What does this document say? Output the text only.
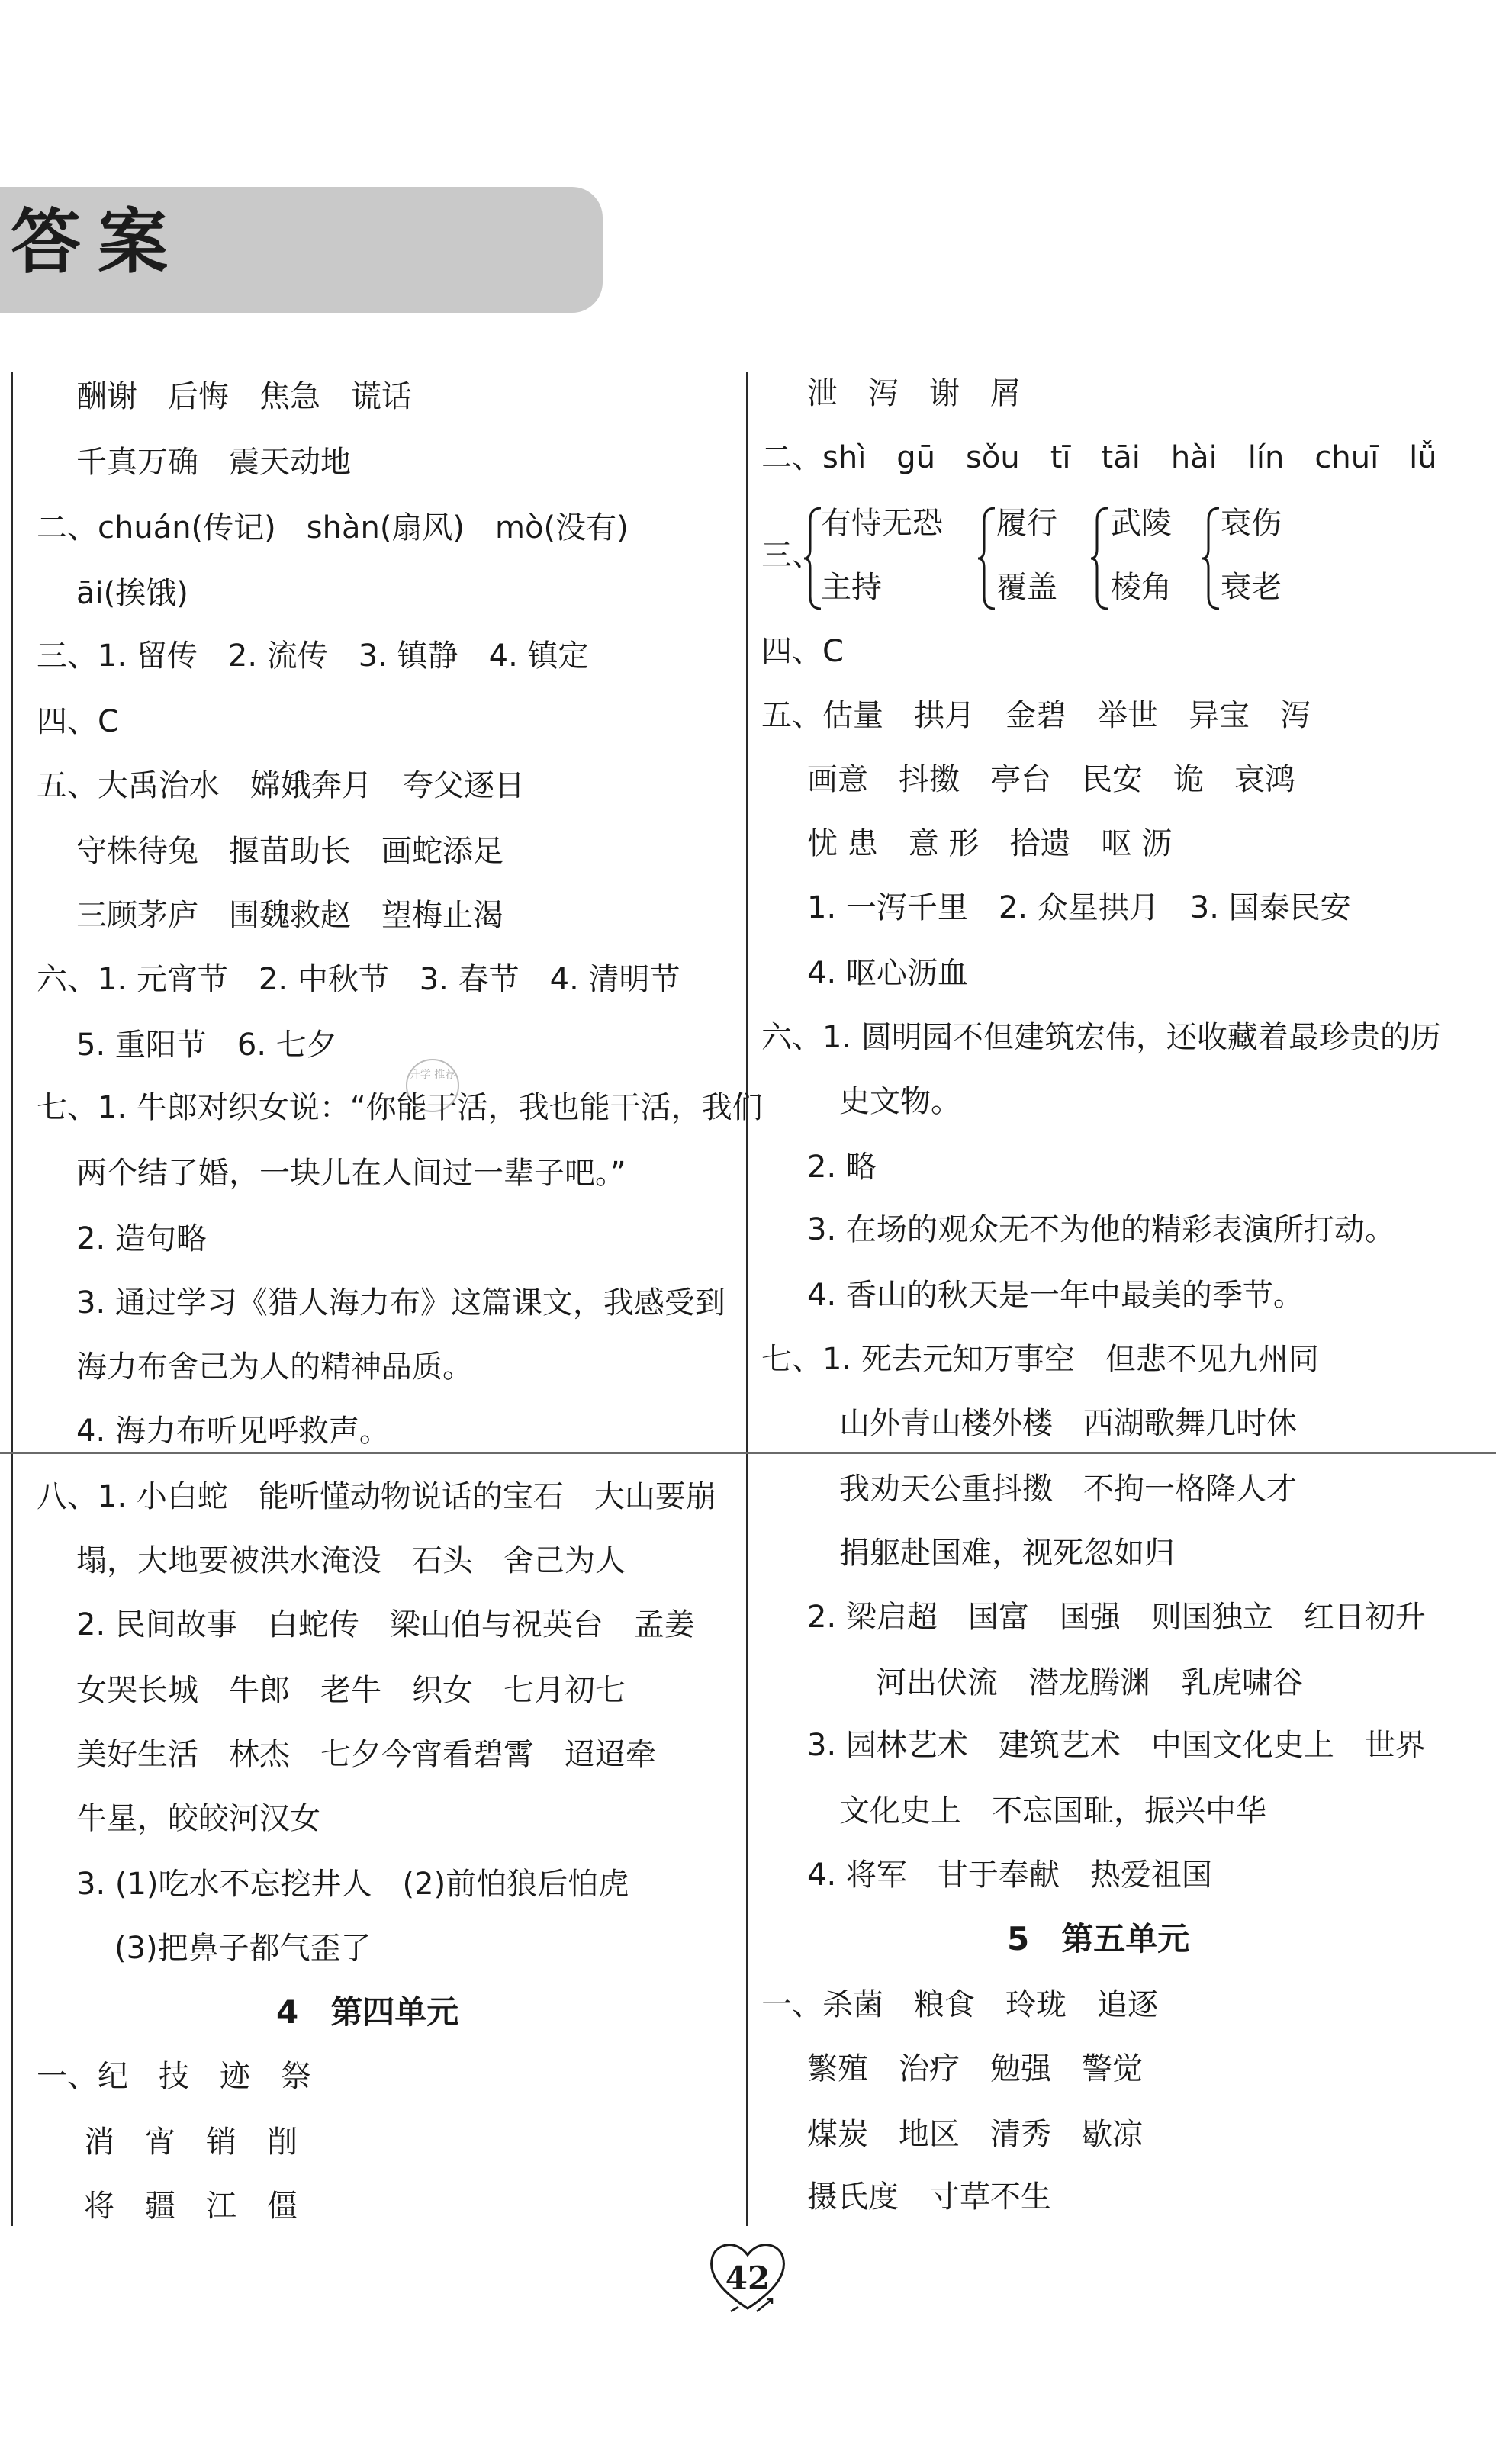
答案
升学 推荐
酬谢　后悔　焦急　谎话
千真万确　震天动地
二、chuán(传记)　shàn(扇风)　mò(没有)
āi(挨饿)
三、1. 留传　2. 流传　3. 镇静　4. 镇定
四、C
五、大禹治水　嫦娥奔月　夸父逐日
守株待兔　揠苗助长　画蛇添足
三顾茅庐　围魏救赵　望梅止渴
六、1. 元宵节　2. 中秋节　3. 春节　4. 清明节
5. 重阳节　6. 七夕
七、1. 牛郎对织女说：“你能干活，我也能干活，我们
两个结了婚，一块儿在人间过一辈子吧。”
2. 造句略
3. 通过学习《猎人海力布》这篇课文，我感受到
海力布舍己为人的精神品质。
4. 海力布听见呼救声。
八、1. 小白蛇　能听懂动物说话的宝石　大山要崩
塌，大地要被洪水淹没　石头　舍己为人
2. 民间故事　白蛇传　梁山伯与祝英台　孟姜
女哭长城　牛郎　老牛　织女　七月初七
美好生活　林杰　七夕今宵看碧霄　迢迢牵
牛星，皎皎河汉女
3. (1)吃水不忘挖井人　(2)前怕狼后怕虎
(3)把鼻子都气歪了
4　第四单元
一、纪　技　迹　祭
消　宵　销　削
将　疆　江　僵
泄　泻　谢　屑
二、shì　gū　sǒu　tī　tāi　hài　lín　chuī　lǚ
三、
有恃无恐
主持
履行
覆盖
武陵
棱角
衰伤
衰老
四、C
五、估量　拱月　金碧　举世　异宝　泻
画意　抖擞　亭台　民安　诡　哀鸿
忧 患　意 形　拾遗　呕 沥
1. 一泻千里　2. 众星拱月　3. 国泰民安
4. 呕心沥血
六、1. 圆明园不但建筑宏伟，还收藏着最珍贵的历
史文物。
2. 略
3. 在场的观众无不为他的精彩表演所打动。
4. 香山的秋天是一年中最美的季节。
七、1. 死去元知万事空　但悲不见九州同
山外青山楼外楼　西湖歌舞几时休
我劝天公重抖擞　不拘一格降人才
捐躯赴国难，视死忽如归
2. 梁启超　国富　国强　则国独立　红日初升
河出伏流　潜龙腾渊　乳虎啸谷
3. 园林艺术　建筑艺术　中国文化史上　世界
文化史上　不忘国耻，振兴中华
4. 将军　甘于奉献　热爱祖国
5　第五单元
一、杀菌　粮食　玲珑　追逐
繁殖　治疗　勉强　警觉
煤炭　地区　清秀　歇凉
摄氏度　寸草不生
42
